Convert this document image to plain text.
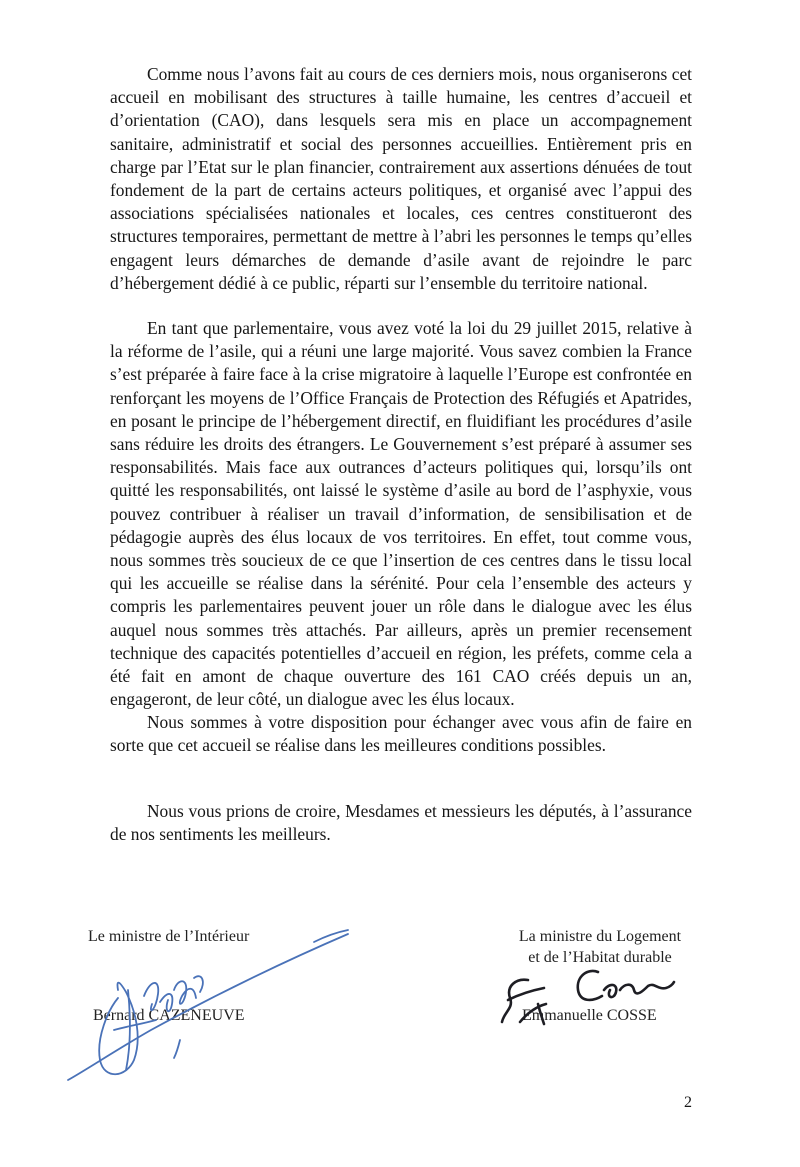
Comme nous l’avons fait au cours de ces derniers mois, nous organiserons cet accueil en mobilisant des structures à taille humaine, les centres d’accueil et d’orientation (CAO), dans lesquels sera mis en place un accompagnement sanitaire, administratif et social des personnes accueillies. Entièrement pris en charge par l’Etat sur le plan financier, contrairement aux assertions dénuées de tout fondement de la part de certains acteurs politiques, et organisé avec l’appui des associations spécialisées nationales et locales, ces centres constitueront des structures temporaires, permettant de mettre à l’abri les personnes le temps qu’elles engagent leurs démarches de demande d’asile avant de rejoindre le parc d’hébergement dédié à ce public, réparti sur l’ensemble du territoire national.

En tant que parlementaire, vous avez voté la loi du 29 juillet 2015, relative à la réforme de l’asile, qui a réuni une large majorité. Vous savez combien la France s’est préparée à faire face à la crise migratoire à laquelle l’Europe est confrontée en renforçant les moyens de l’Office Français de Protection des Réfugiés et Apatrides, en posant le principe de l’hébergement directif, en fluidifiant les procédures d’asile sans réduire les droits des étrangers. Le Gouvernement s’est préparé à assumer ses responsabilités. Mais face aux outrances d’acteurs politiques qui, lorsqu’ils ont quitté les responsabilités, ont laissé le système d’asile au bord de l’asphyxie, vous pouvez contribuer à réaliser un travail d’information, de sensibilisation et de pédagogie auprès des élus locaux de vos territoires. En effet, tout comme vous, nous sommes très soucieux de ce que l’insertion de ces centres dans le tissu local qui les accueille se réalise dans la sérénité. Pour cela l’ensemble des acteurs y compris les parlementaires peuvent jouer un rôle dans le dialogue avec les élus auquel nous sommes très attachés. Par ailleurs, après un premier recensement technique des capacités potentielles d’accueil en région, les préfets, comme cela a été fait en amont de chaque ouverture des 161 CAO créés depuis un an, engageront, de leur côté, un dialogue avec les élus locaux.

Nous sommes à votre disposition pour échanger avec vous afin de faire en sorte que cet accueil se réalise dans les meilleures conditions possibles.

Nous vous prions de croire, Mesdames et messieurs les députés, à l’assurance de nos sentiments les meilleurs.

Le ministre de l’Intérieur
Bernard CAZENEUVE
La ministre du Logement
et de l’Habitat durable
Emmanuelle COSSE
2
